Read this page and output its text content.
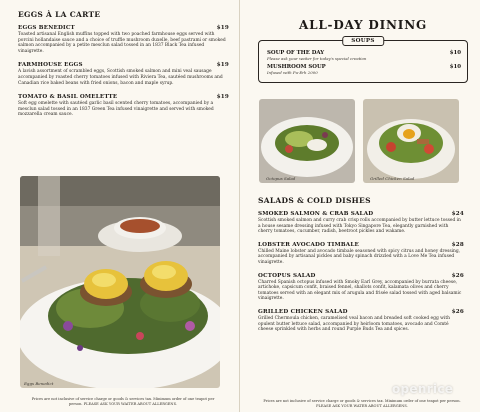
EGGS À LA CARTE
EGGS BENEDICT	$19
Toasted artisanal English muffins topped with two poached farmhouse eggs served with porcini hollandaise sauce and a choice of truffle mushroom duxelle, beef pastrami or smoked salmon accompanied by a petite mesclun salad tossed in an 1837 Black Tea infused vinaigrette.
FARMHOUSE EGGS	$19
A lavish assortment of scrambled eggs, Scottish smoked salmon and mini veal sausage accompanied by roasted cherry tomatoes infused with Riviera Tea, sautéed mushrooms and Canadian rice baked beans with fried onions, bacon and maple syrup.
TOMATO & BASIL OMELETTE	$19
Soft egg omelette with sautéed garlic basil scented cherry tomatoes, accompanied by a mesclun salad tossed in an 1837 Green Tea infused vinaigrette and served with smoked mozzarella cream sauce.
Eggs Benedict
Prices are not inclusive of service charge or goods & services tax. Minimum order of one teapot per person. PLEASE ASK YOUR WAITER ABOUT ALLERGENS.
ALL-DAY DINING
SOUPS
SOUP OF THE DAY	$10
Please ask your waiter for today's special creation
MUSHROOM SOUP	$10
Infused with Pu-Erh 2000
Octopus Salad	Grilled Chicken Salad
SALADS & COLD DISHES
SMOKED SALMON & CRAB SALAD	$24
Scottish smoked salmon and curry crab crisp rolls accompanied by butter lettuce tossed in a house sesame dressing infused with Tokyo Singapore Tea, elegantly garnished with cherry tomatoes, cucumber, radish, beetroot pickles and wakame.
LOBSTER AVOCADO TIMBALE	$28
Chilled Maine lobster and avocado timbale seasoned with spicy citrus and honey dressing, accompanied by artisanal pickles and baby spinach drizzled with a Love Me Tea infused vinaigrette.
OCTOPUS SALAD	$26
Charred Spanish octopus infused with Smoky Earl Grey, accompanied by burrata cheese, artichoke, capsicum confit, braised fennel, shallots confit, kalamata olives and cherry tomatoes served with an elegant mix of arugula and frisée salad tossed with aged balsamic vinaigrette.
GRILLED CHICKEN SALAD	$26
Grilled Chermoula chicken, caramelised veal bacon and breaded soft cooked egg with opulent butter lettuce salad, accompanied by heirloom tomatoes, avocado and Comté cheese sprinkled with herbs and round Purple Buds Tea and spices.
Prices are not inclusive of service charge or goods & services tax. Minimum order of one teapot per person. PLEASE ASK YOUR WATER ABOUT ALLERGENS.
openrice
